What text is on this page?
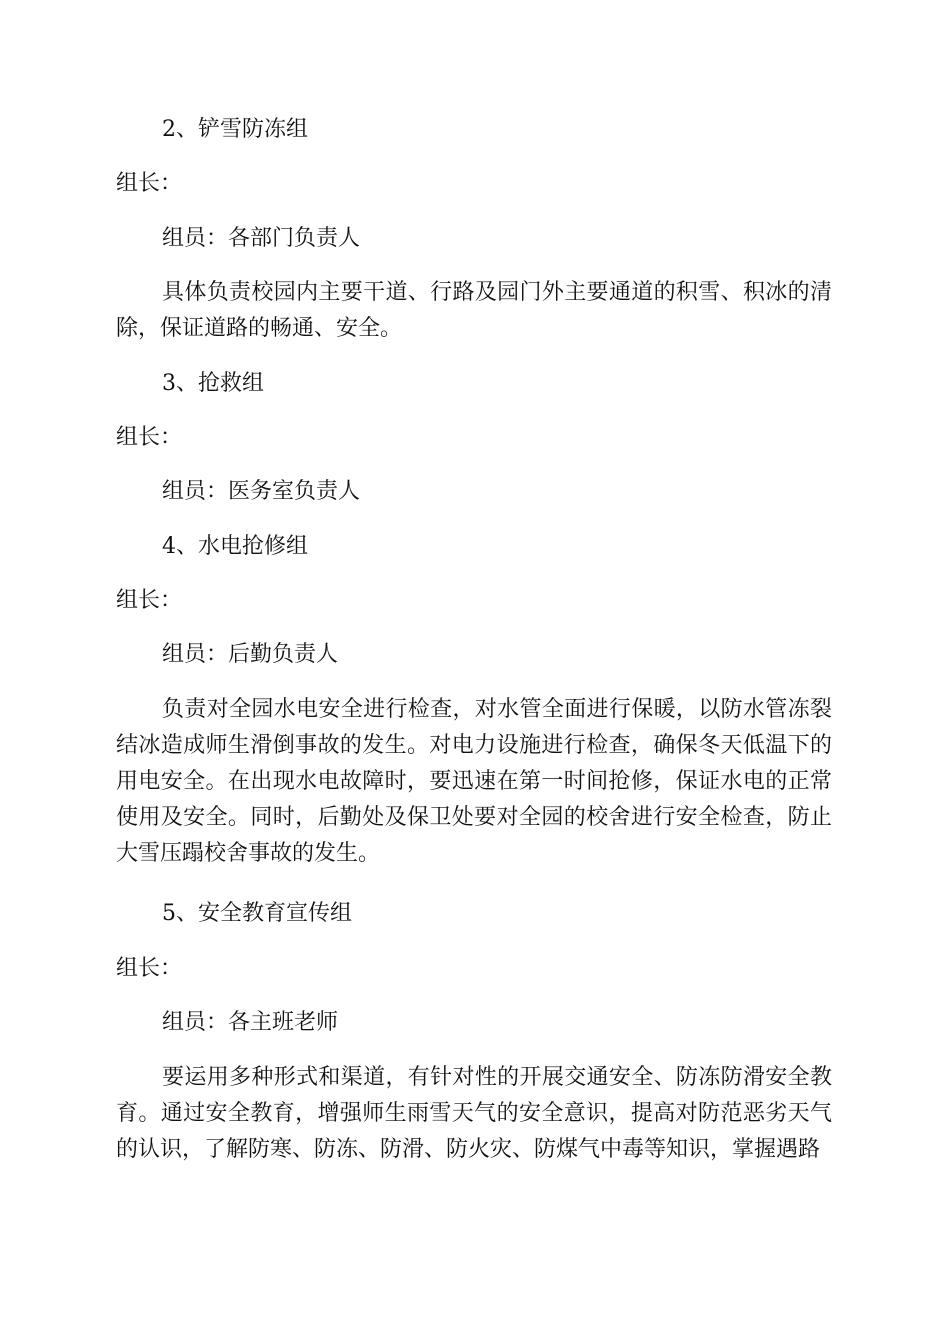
2、铲雪防冻组

组长：

组员：各部门负责人

具体负责校园内主要干道、行路及园门外主要通道的积雪、积冰的清除，保证道路的畅通、安全。

3、抢救组

组长：

组员：医务室负责人

4、水电抢修组

组长：

组员：后勤负责人

负责对全园水电安全进行检查，对水管全面进行保暖，以防水管冻裂结冰造成师生滑倒事故的发生。对电力设施进行检查，确保冬天低温下的用电安全。在出现水电故障时，要迅速在第一时间抢修，保证水电的正常使用及安全。同时，后勤处及保卫处要对全园的校舍进行安全检查，防止大雪压蹋校舍事故的发生。

5、安全教育宣传组

组长：

组员：各主班老师

要运用多种形式和渠道，有针对性的开展交通安全、防冻防滑安全教育。通过安全教育，增强师生雨雪天气的安全意识，提高对防范恶劣天气的认识，了解防寒、防冻、防滑、防火灾、防煤气中毒等知识，掌握遇路
